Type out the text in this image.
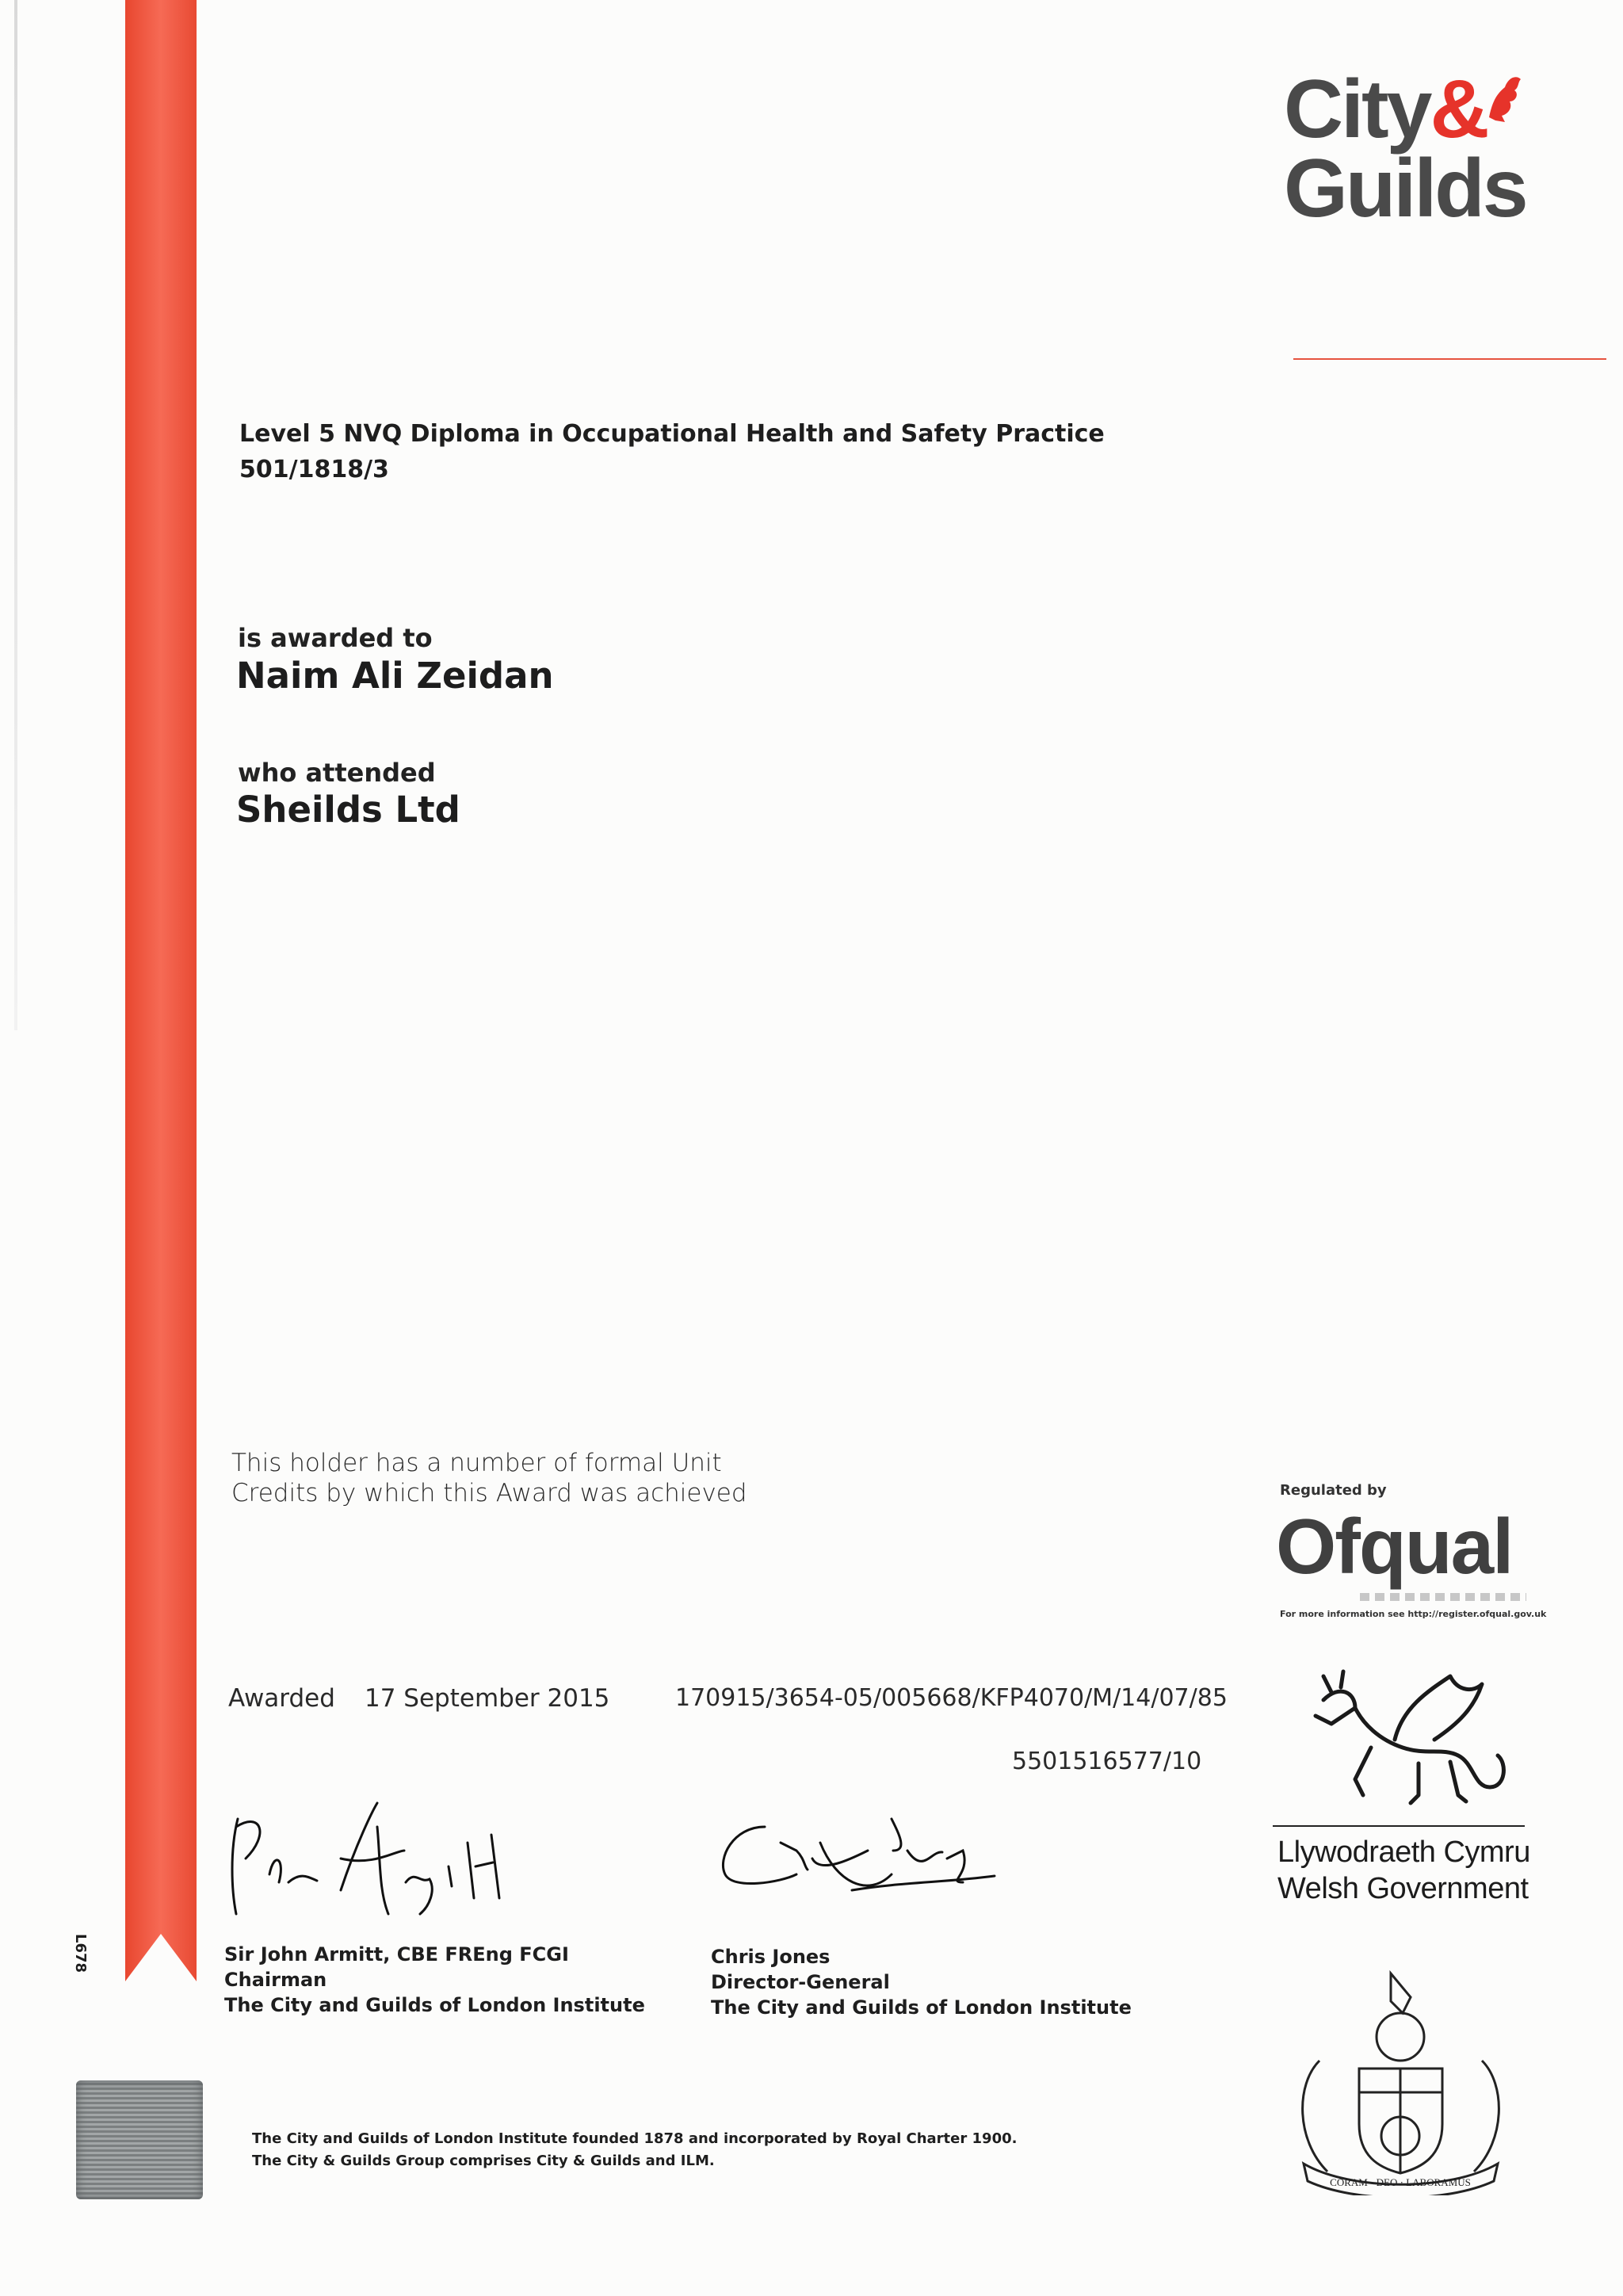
City&
Guilds
Level 5 NVQ Diploma in Occupational Health and Safety Practice
501/1818/3
is awarded to
Naim Ali Zeidan
who attended
Sheilds Ltd
This holder has a number of formal Unit
Credits by which this Award was achieved
Awarded 17 September 2015	170915/3654-05/005668/KFP4070/M/14/07/85
5501516577/10
Sir John Armitt, CBE FREng FCGI
Chairman
The City and Guilds of London Institute
Chris Jones
Director-General
The City and Guilds of London Institute
L678
The City and Guilds of London Institute founded 1878 and incorporated by Royal Charter 1900.
The City & Guilds Group comprises City & Guilds and ILM.
Regulated by
Ofqual
For more information see http://register.ofqual.gov.uk
Llywodraeth Cymru
Welsh Government
CORAM · DEO · LABORAMUS
